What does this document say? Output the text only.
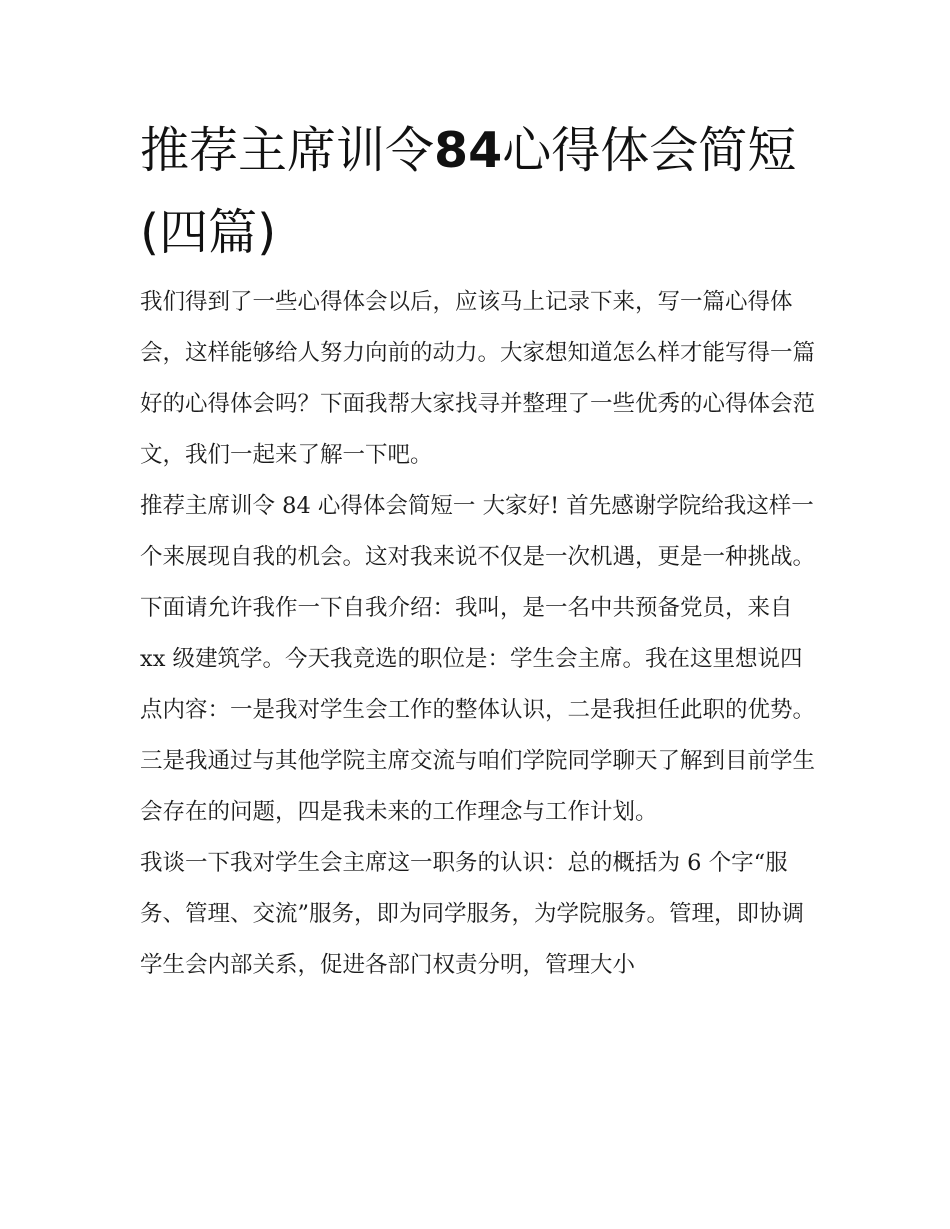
推荐主席训令84心得体会简短(四篇)

我们得到了一些心得体会以后，应该马上记录下来，写一篇心得体会，这样能够给人努力向前的动力。大家想知道怎么样才能写得一篇好的心得体会吗？下面我帮大家找寻并整理了一些优秀的心得体会范文，我们一起来了解一下吧。

推荐主席训令 84 心得体会简短一 大家好! 首先感谢学院给我这样一个来展现自我的机会。这对我来说不仅是一次机遇，更是一种挑战。

下面请允许我作一下自我介绍：我叫，是一名中共预备党员，来自 xx 级建筑学。今天我竞选的职位是：学生会主席。我在这里想说四点内容：一是我对学生会工作的整体认识，二是我担任此职的优势。三是我通过与其他学院主席交流与咱们学院同学聊天了解到目前学生会存在的问题，四是我未来的工作理念与工作计划。

我谈一下我对学生会主席这一职务的认识：总的概括为 6 个字“服务、管理、交流”服务，即为同学服务，为学院服务。管理，即协调学生会内部关系，促进各部门权责分明，管理大小
